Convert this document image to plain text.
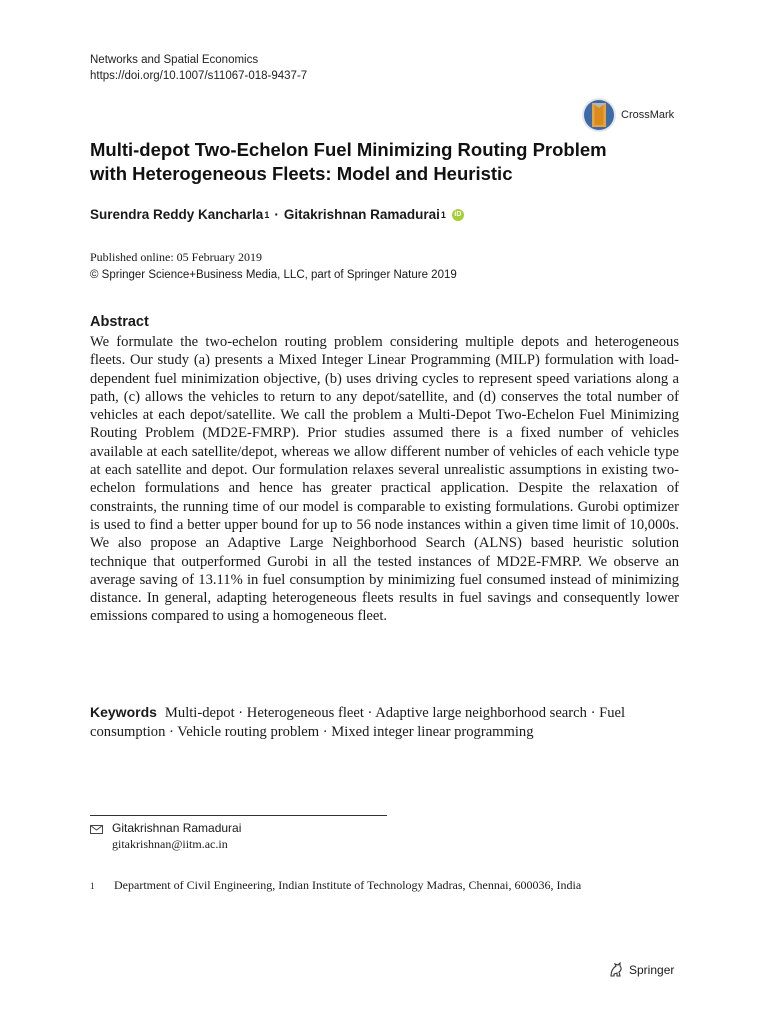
Networks and Spatial Economics
https://doi.org/10.1007/s11067-018-9437-7
CrossMark
Multi-depot Two-Echelon Fuel Minimizing Routing Problem
with Heterogeneous Fleets: Model and Heuristic
Surendra Reddy Kancharla 1 · Gitakrishnan Ramadurai 1	iD
Published online: 05 February 2019
© Springer Science+Business Media, LLC, part of Springer Nature 2019
Abstract

We formulate the two-echelon routing problem considering multiple depots and heterogeneous fleets. Our study (a) presents a Mixed Integer Linear Programming (MILP) formulation with load-dependent fuel minimization objective, (b) uses driving cycles to represent speed variations along a path, (c) allows the vehicles to return to any depot/satellite, and (d) conserves the total number of vehicles at each depot/satellite. We call the problem a Multi-Depot Two-Echelon Fuel Minimizing Routing Problem (MD2E-FMRP). Prior studies assumed there is a fixed number of vehicles available at each satellite/depot, whereas we allow different number of vehicles of each vehicle type at each satellite and depot. Our formulation relaxes several unrealistic assumptions in existing two-echelon formulations and hence has greater practical application. Despite the relaxation of constraints, the running time of our model is comparable to existing formulations. Gurobi optimizer is used to find a better upper bound for up to 56 node instances within a given time limit of 10,000s. We also propose an Adaptive Large Neighborhood Search (ALNS) based heuristic solution technique that outperformed Gurobi in all the tested instances of MD2E-FMRP. We observe an average saving of 13.11% in fuel consumption by minimizing fuel consumed instead of minimizing distance. In general, adapting heterogeneous fleets results in fuel savings and consequently lower emissions compared to using a homogeneous fleet.

Keywords Multi-depot · Heterogeneous fleet · Adaptive large neighborhood search · Fuel consumption · Vehicle routing problem · Mixed integer linear programming

Gitakrishnan Ramadurai
gitakrishnan@iitm.ac.in
1	Department of Civil Engineering, Indian Institute of Technology Madras, Chennai, 600036, India
Springer
